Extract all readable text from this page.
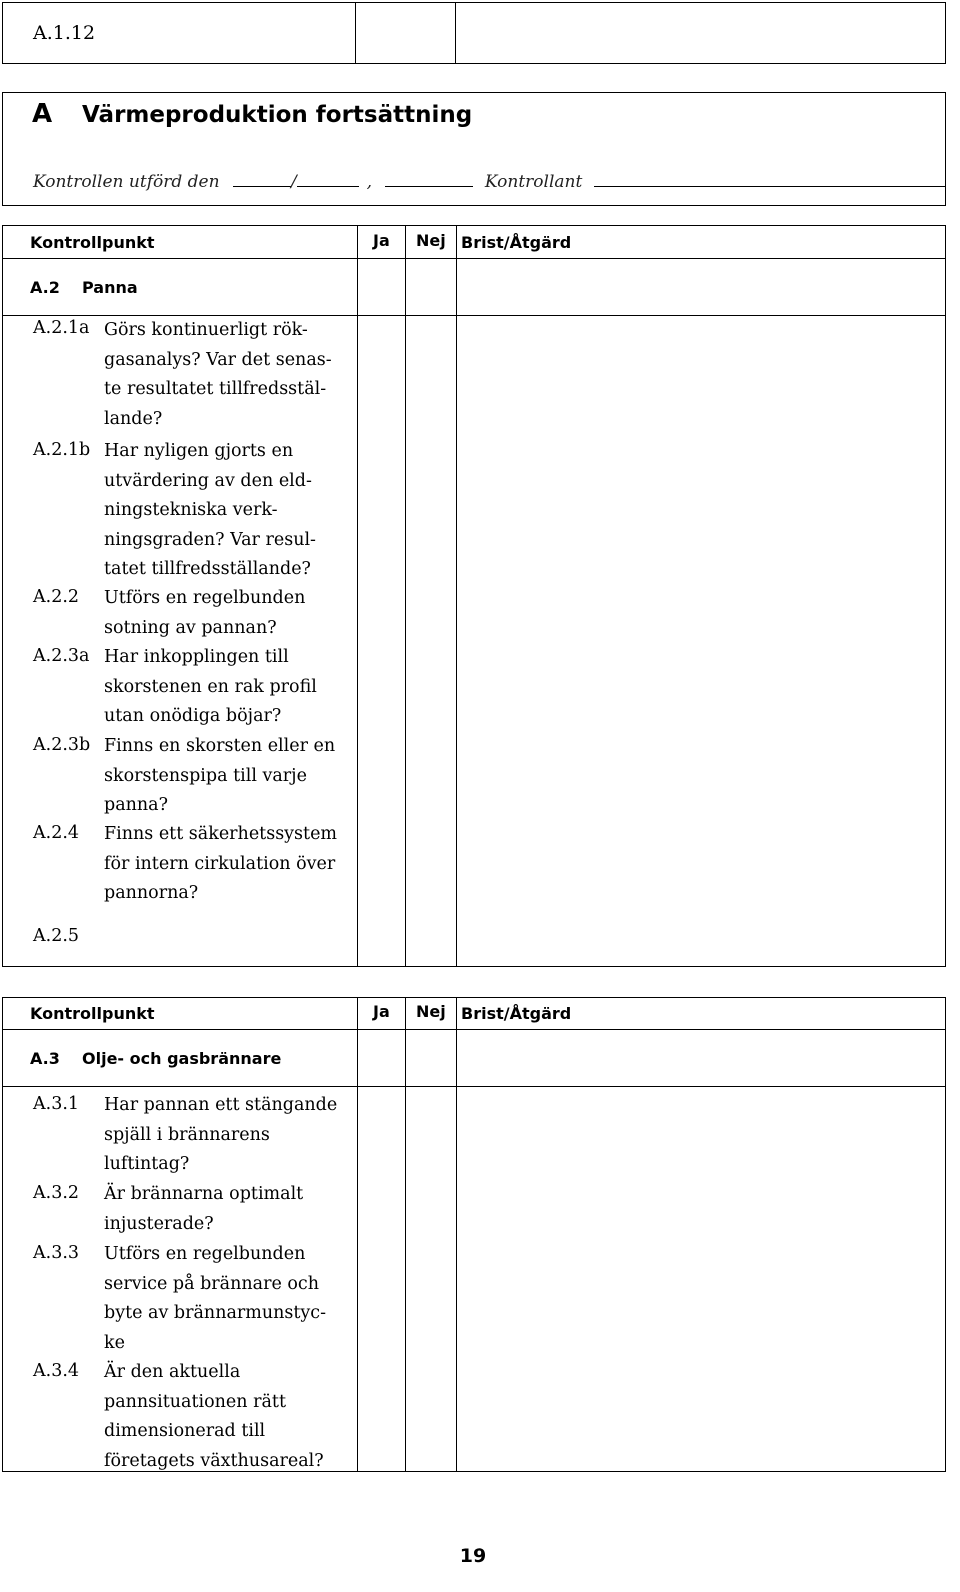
A.1.12
A Värmeproduktion fortsättning
Kontrollen utförd den	/	,	Kontrollant
Kontrollpunkt	Ja Nej Brist/Åtgärd
A.2 Panna
A.2.1a Görs kontinuerligt rök-
gasanalys? Var det senas-
te resultatet tillfredsstäl-
lande?
A.2.1b Har nyligen gjorts en
utvärdering av den eld-
ningstekniska verk-
ningsgraden? Var resul-
tatet tillfredsställande?
A.2.2 Utförs en regelbunden
sotning av pannan?
A.2.3a Har inkopplingen till
skorstenen en rak profil
utan onödiga böjar?
A.2.3b Finns en skorsten eller en
skorstenspipa till varje
panna?
A.2.4 Finns ett säkerhetssystem
för intern cirkulation över
pannorna?
A.2.5
Kontrollpunkt	Ja Nej Brist/Åtgärd
A.3 Olje- och gasbrännare
A.3.1 Har pannan ett stängande
spjäll i brännarens
luftintag?
A.3.2 Är brännarna optimalt
injusterade?
A.3.3 Utförs en regelbunden
service på brännare och
byte av brännarmunstyc-
ke
A.3.4 Är den aktuella
pannsituationen rätt
dimensionerad till
företagets växthusareal?
19
